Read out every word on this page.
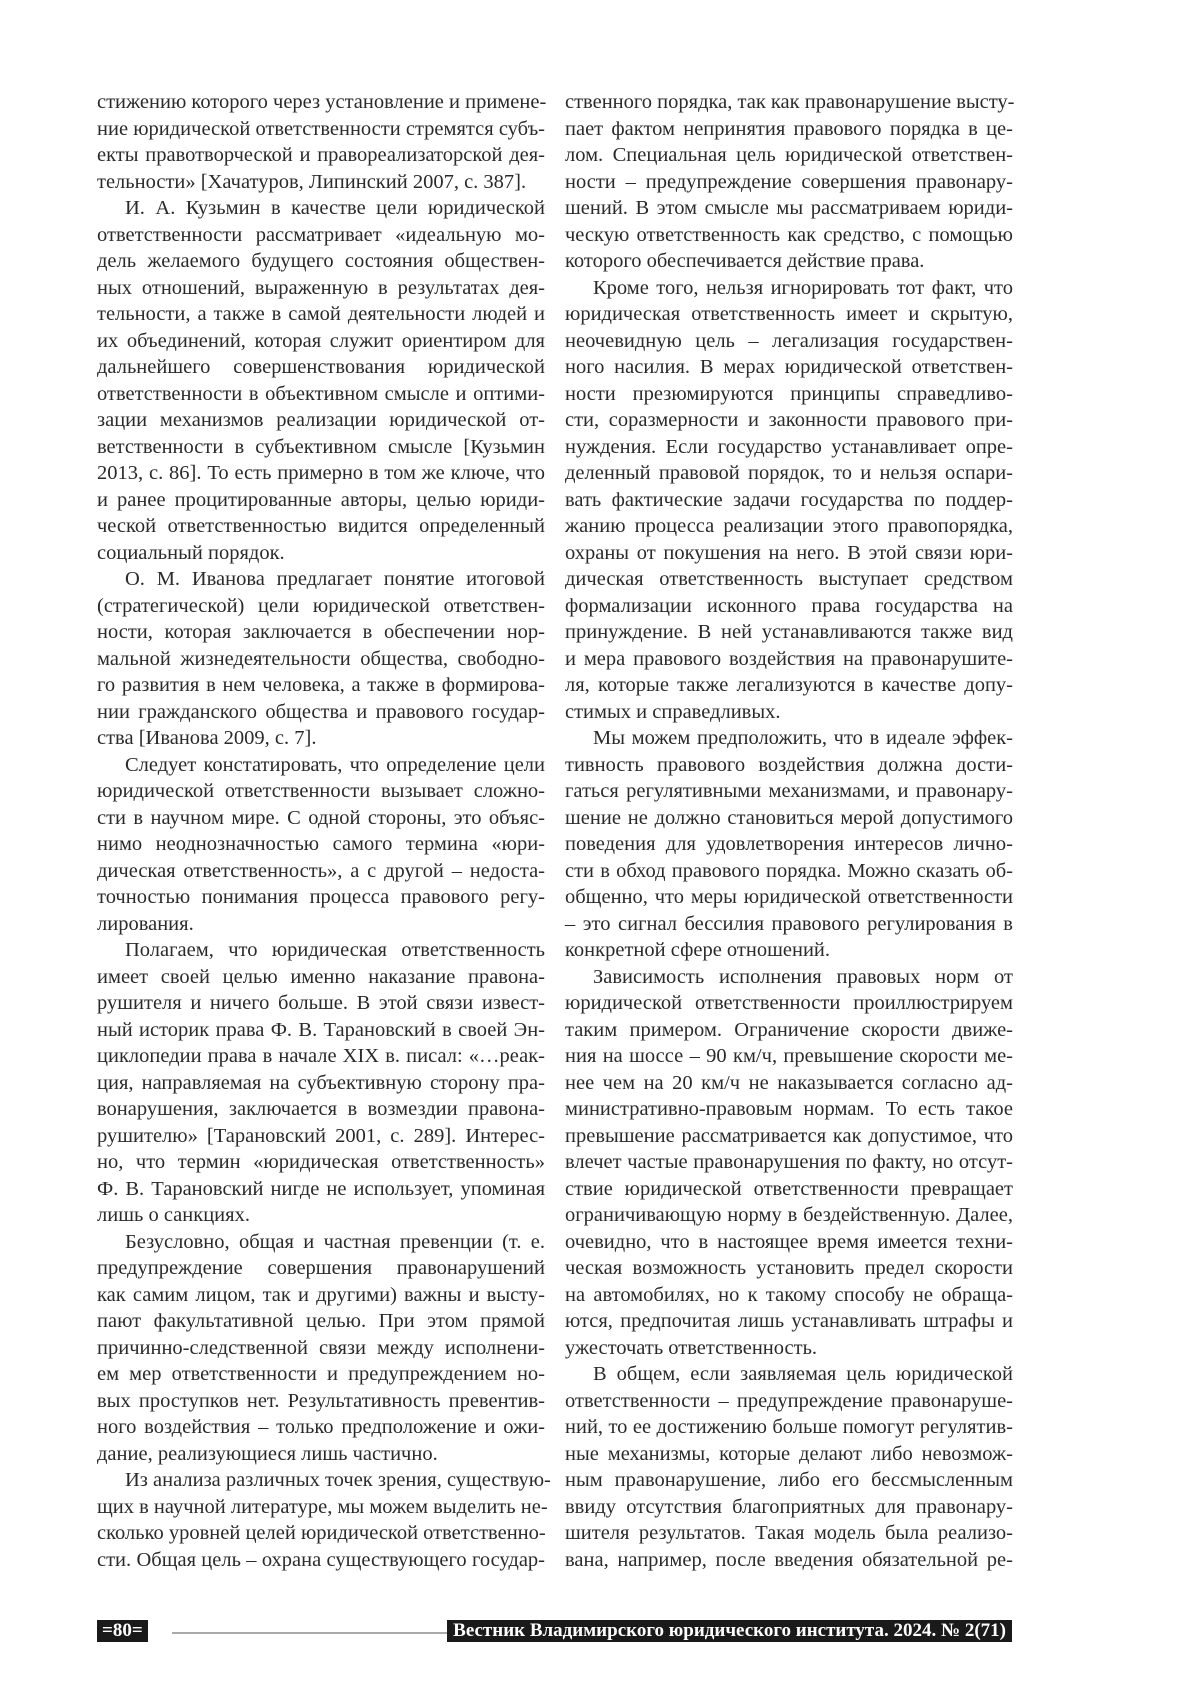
стижению которого через установление и примене-
ние юридической ответственности стремятся субъ-
екты правотворческой и правореализаторской дея-
тельности» [Хачатуров, Липинский 2007, с. 387].
И. А. Кузьмин в качестве цели юридической
ответственности рассматривает «идеальную мо-
дель желаемого будущего состояния обществен-
ных отношений, выраженную в результатах дея-
тельности, а также в самой деятельности людей и
их объединений, которая служит ориентиром для
дальнейшего совершенствования юридической
ответственности в объективном смысле и оптими-
зации механизмов реализации юридической от-
ветственности в субъективном смысле [Кузьмин
2013, с. 86]. То есть примерно в том же ключе, что
и ранее процитированные авторы, целью юриди-
ческой ответственностью видится определенный
социальный порядок.
О. М. Иванова предлагает понятие итоговой
(стратегической) цели юридической ответствен-
ности, которая заключается в обеспечении нор-
мальной жизнедеятельности общества, свободно-
го развития в нем человека, а также в формирова-
нии гражданского общества и правового государ-
ства [Иванова 2009, с. 7].
Следует констатировать, что определение цели
юридической ответственности вызывает сложно-
сти в научном мире. С одной стороны, это объяс-
нимо неоднозначностью самого термина «юри-
дическая ответственность», а с другой – недоста-
точностью понимания процесса правового регу-
лирования.
Полагаем, что юридическая ответственность
имеет своей целью именно наказание правона-
рушителя и ничего больше. В этой связи извест-
ный историк права Ф. В. Тарановский в своей Эн-
циклопедии права в начале XIX в. писал: «…реак-
ция, направляемая на субъективную сторону пра-
вонарушения, заключается в возмездии правона-
рушителю» [Тарановский 2001, с. 289]. Интерес-
но, что термин «юридическая ответственность»
Ф. В. Тарановский нигде не использует, упоминая
лишь о санкциях.
Безусловно, общая и частная превенции (т. е.
предупреждение совершения правонарушений
как самим лицом, так и другими) важны и высту-
пают факультативной целью. При этом прямой
причинно-следственной связи между исполнени-
ем мер ответственности и предупреждением но-
вых проступков нет. Результативность превентив-
ного воздействия – только предположение и ожи-
дание, реализующиеся лишь частично.
Из анализа различных точек зрения, существую-
щих в научной литературе, мы можем выделить не-
сколько уровней целей юридической ответственно-
сти. Общая цель – охрана существующего государ-
ственного порядка, так как правонарушение высту-
пает фактом непринятия правового порядка в це-
лом. Специальная цель юридической ответствен-
ности – предупреждение совершения правонару-
шений. В этом смысле мы рассматриваем юриди-
ческую ответственность как средство, с помощью
которого обеспечивается действие права.
Кроме того, нельзя игнорировать тот факт, что
юридическая ответственность имеет и скрытую,
неочевидную цель – легализация государствен-
ного насилия. В мерах юридической ответствен-
ности презюмируются принципы справедливо-
сти, соразмерности и законности правового при-
нуждения. Если государство устанавливает опре-
деленный правовой порядок, то и нельзя оспари-
вать фактические задачи государства по поддер-
жанию процесса реализации этого правопорядка,
охраны от покушения на него. В этой связи юри-
дическая ответственность выступает средством
формализации исконного права государства на
принуждение. В ней устанавливаются также вид
и мера правового воздействия на правонарушите-
ля, которые также легализуются в качестве допу-
стимых и справедливых.
Мы можем предположить, что в идеале эффек-
тивность правового воздействия должна дости-
гаться регулятивными механизмами, и правонару-
шение не должно становиться мерой допустимого
поведения для удовлетворения интересов лично-
сти в обход правового порядка. Можно сказать об-
общенно, что меры юридической ответственности
– это сигнал бессилия правового регулирования в
конкретной сфере отношений.
Зависимость исполнения правовых норм от
юридической ответственности проиллюстрируем
таким примером. Ограничение скорости движе-
ния на шоссе – 90 км/ч, превышение скорости ме-
нее чем на 20 км/ч не наказывается согласно ад-
министративно-правовым нормам. То есть такое
превышение рассматривается как допустимое, что
влечет частые правонарушения по факту, но отсут-
ствие юридической ответственности превращает
ограничивающую норму в бездейственную. Далее,
очевидно, что в настоящее время имеется техни-
ческая возможность установить предел скорости
на автомобилях, но к такому способу не обраща-
ются, предпочитая лишь устанавливать штрафы и
ужесточать ответственность.
В общем, если заявляемая цель юридической
ответственности – предупреждение правонаруше-
ний, то ее достижению больше помогут регулятив-
ные механизмы, которые делают либо невозмож-
ным правонарушение, либо его бессмысленным
ввиду отсутствия благоприятных для правонару-
шителя результатов. Такая модель была реализо-
вана, например, после введения обязательной ре-
=80=	Вестник Владимирского юридического института. 2024. № 2(71)
